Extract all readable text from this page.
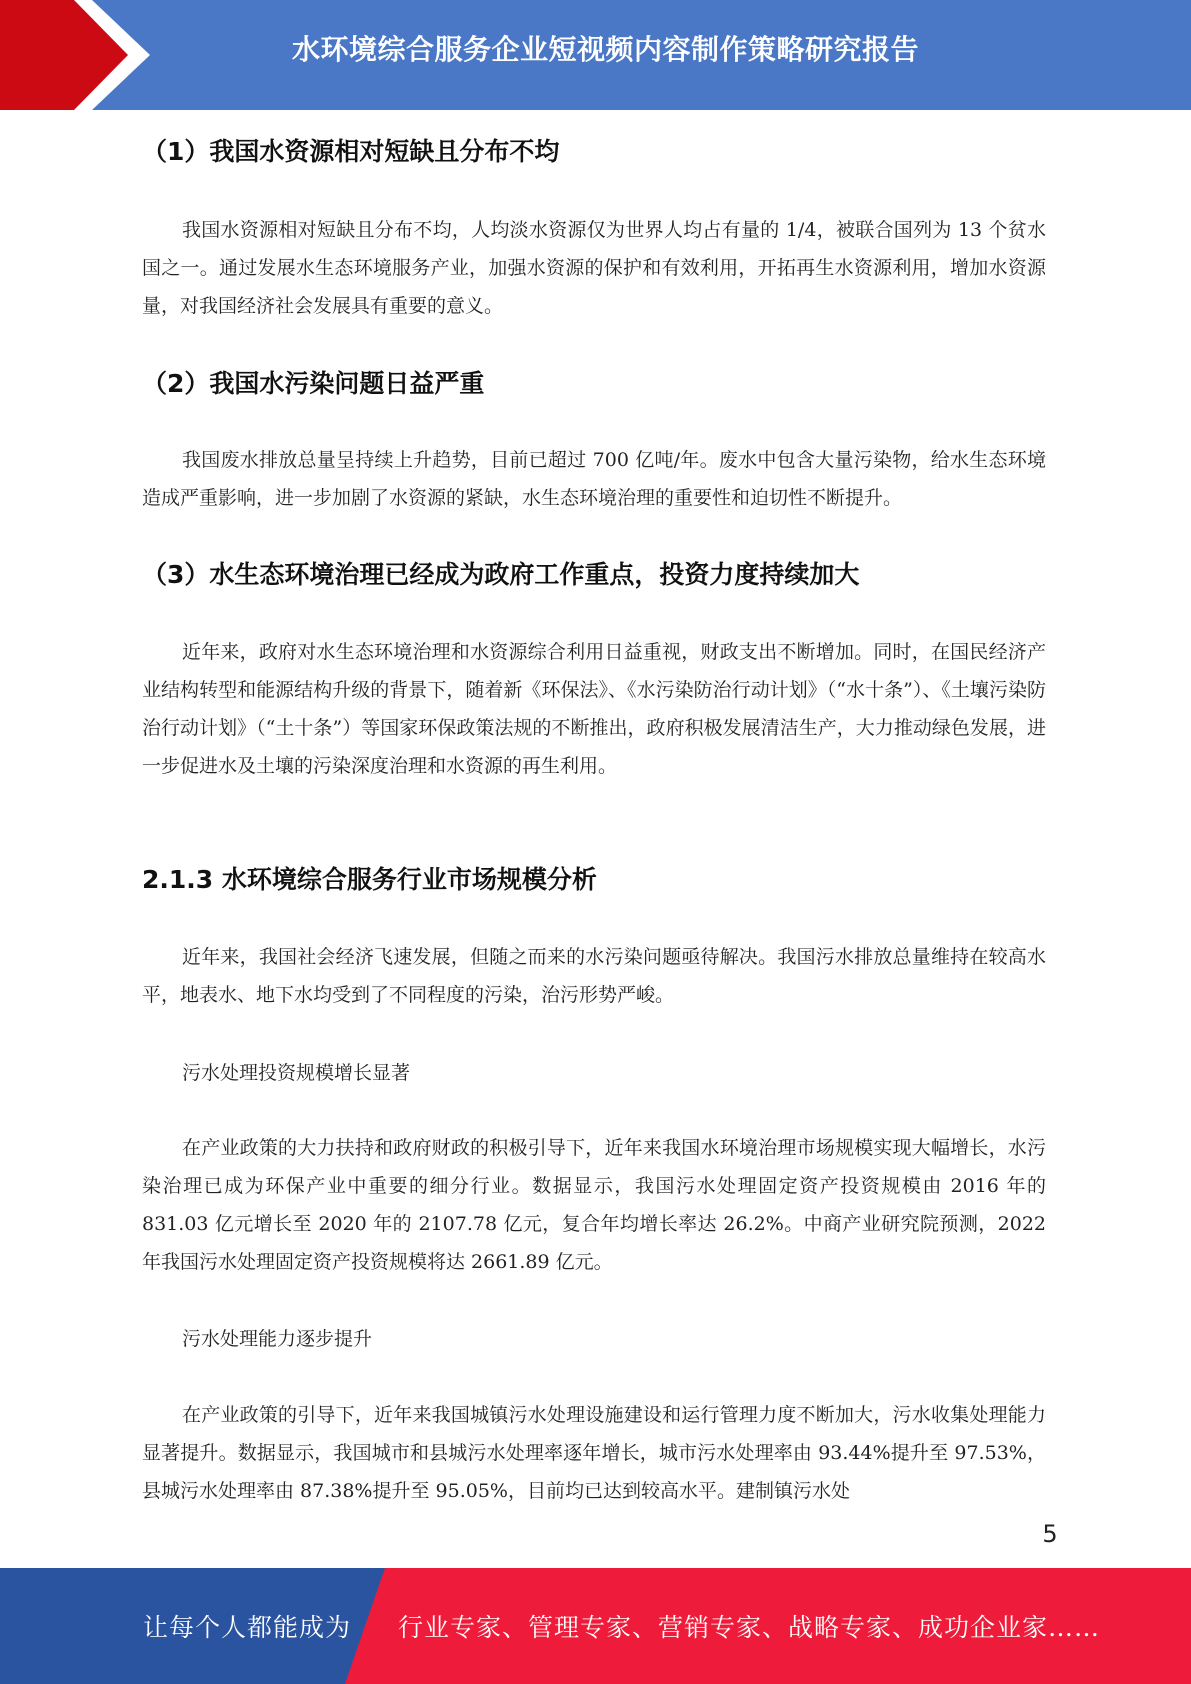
水环境综合服务企业短视频内容制作策略研究报告
（1）我国水资源相对短缺且分布不均

我国水资源相对短缺且分布不均，人均淡水资源仅为世界人均占有量的 1/4，被联合国列为 13 个贫水国之一。通过发展水生态环境服务产业，加强水资源的保护和有效利用，开拓再生水资源利用，增加水资源量，对我国经济社会发展具有重要的意义。

（2）我国水污染问题日益严重

我国废水排放总量呈持续上升趋势，目前已超过 700 亿吨/年。废水中包含大量污染物，给水生态环境造成严重影响，进一步加剧了水资源的紧缺，水生态环境治理的重要性和迫切性不断提升。

（3）水生态环境治理已经成为政府工作重点，投资力度持续加大

近年来，政府对水生态环境治理和水资源综合利用日益重视，财政支出不断增加。同时，在国民经济产业结构转型和能源结构升级的背景下，随着新《环保法》、《水污染防治行动计划》（“水十条”）、《土壤污染防治行动计划》（“土十条”）等国家环保政策法规的不断推出，政府积极发展清洁生产，大力推动绿色发展，进一步促进水及土壤的污染深度治理和水资源的再生利用。

2.1.3 水环境综合服务行业市场规模分析

近年来，我国社会经济飞速发展，但随之而来的水污染问题亟待解决。我国污水排放总量维持在较高水平，地表水、地下水均受到了不同程度的污染，治污形势严峻。

污水处理投资规模增长显著

在产业政策的大力扶持和政府财政的积极引导下，近年来我国水环境治理市场规模实现大幅增长，水污染治理已成为环保产业中重要的细分行业。数据显示，我国污水处理固定资产投资规模由 2016 年的 831.03 亿元增长至 2020 年的 2107.78 亿元，复合年均增长率达 26.2%。中商产业研究院预测，2022 年我国污水处理固定资产投资规模将达 2661.89 亿元。

污水处理能力逐步提升

在产业政策的引导下，近年来我国城镇污水处理设施建设和运行管理力度不断加大，污水收集处理能力显著提升。数据显示，我国城市和县城污水处理率逐年增长，城市污水处理率由 93.44%提升至 97.53%，县城污水处理率由 87.38%提升至 95.05%，目前均已达到较高水平。建制镇污水处

5
让每个人都能成为 行业专家、管理专家、营销专家、战略专家、成功企业家……
